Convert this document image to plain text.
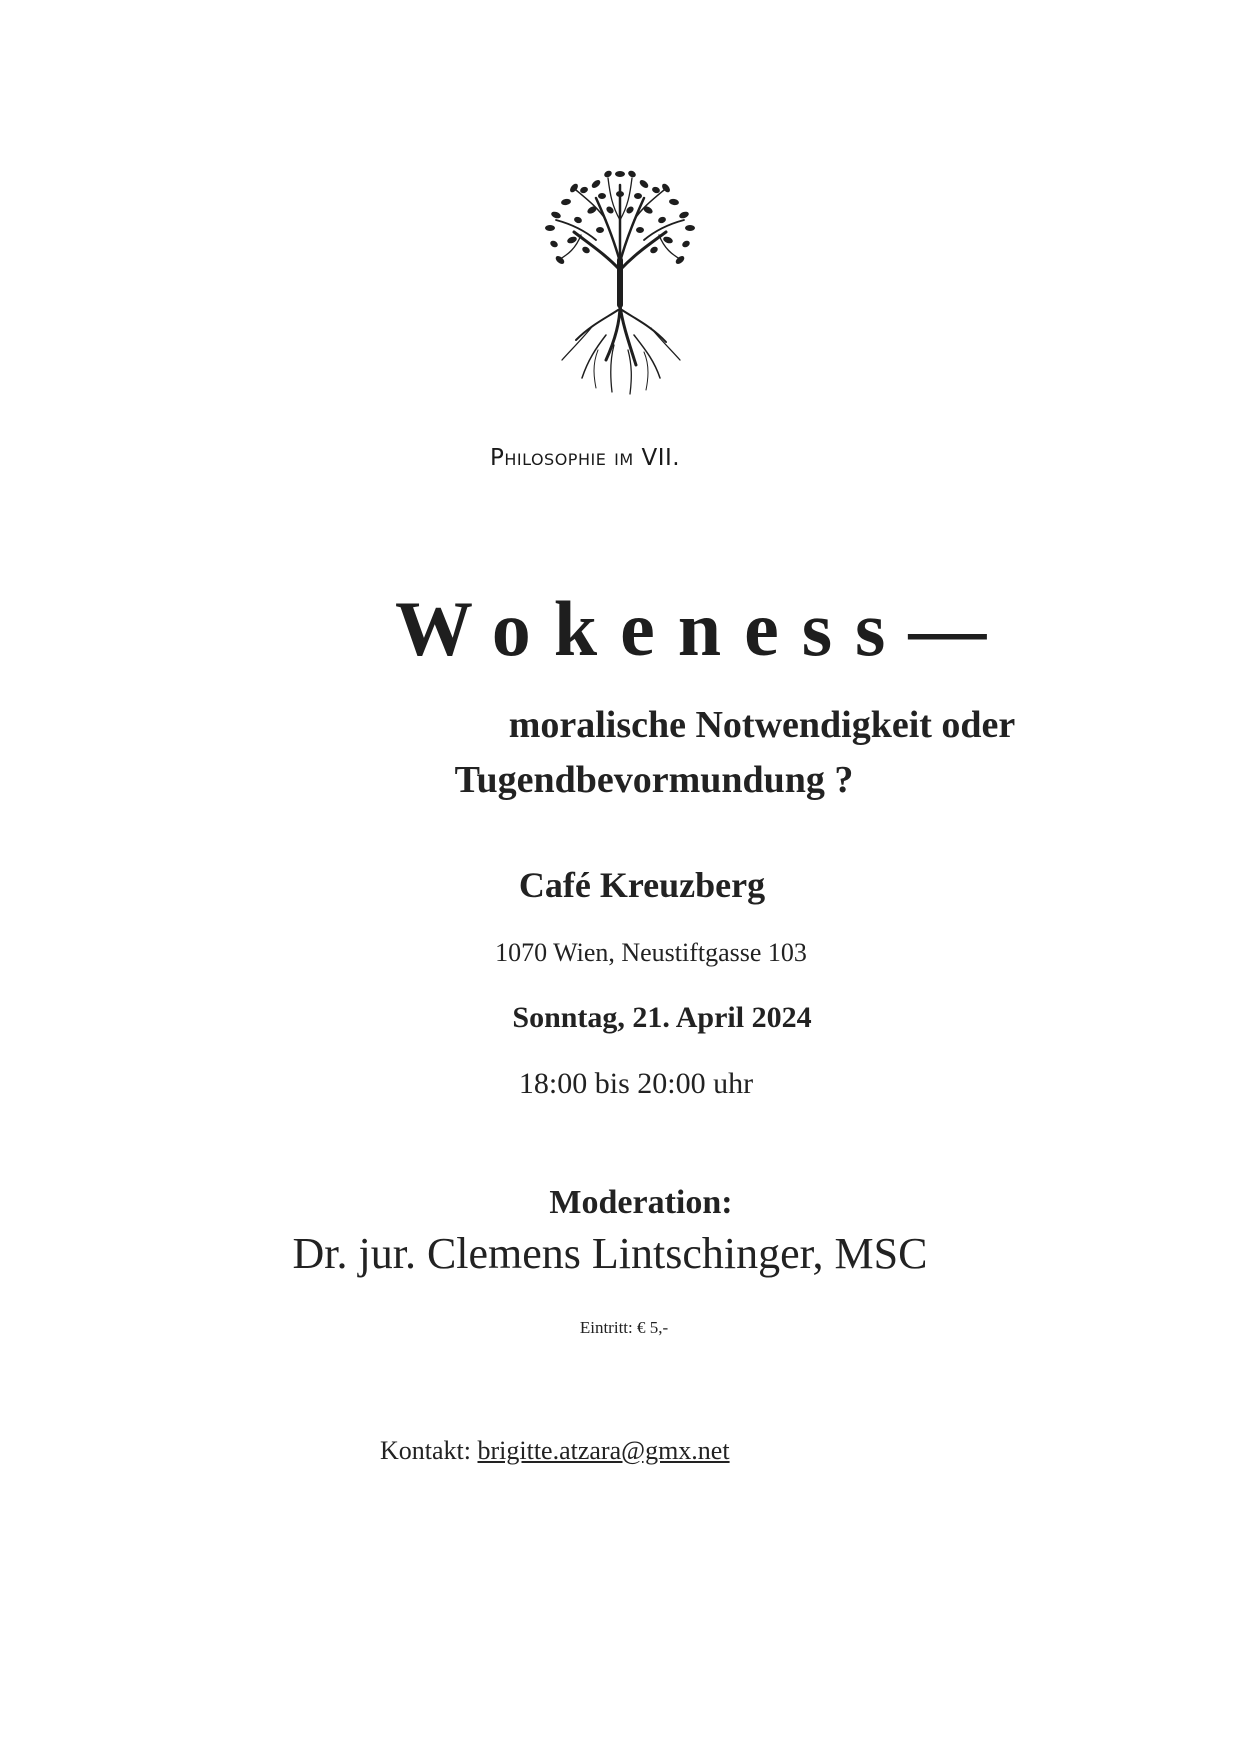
Philosophie im VII.
Wokeness—
moralische Notwendigkeit oder
Tugendbevormundung ?
Café Kreuzberg
1070 Wien, Neustiftgasse 103
Sonntag, 21. April 2024
18:00 bis 20:00 uhr
Moderation:
Dr. jur. Clemens Lintschinger, MSC
Eintritt: € 5,-
Kontakt: brigitte.atzara@gmx.net
